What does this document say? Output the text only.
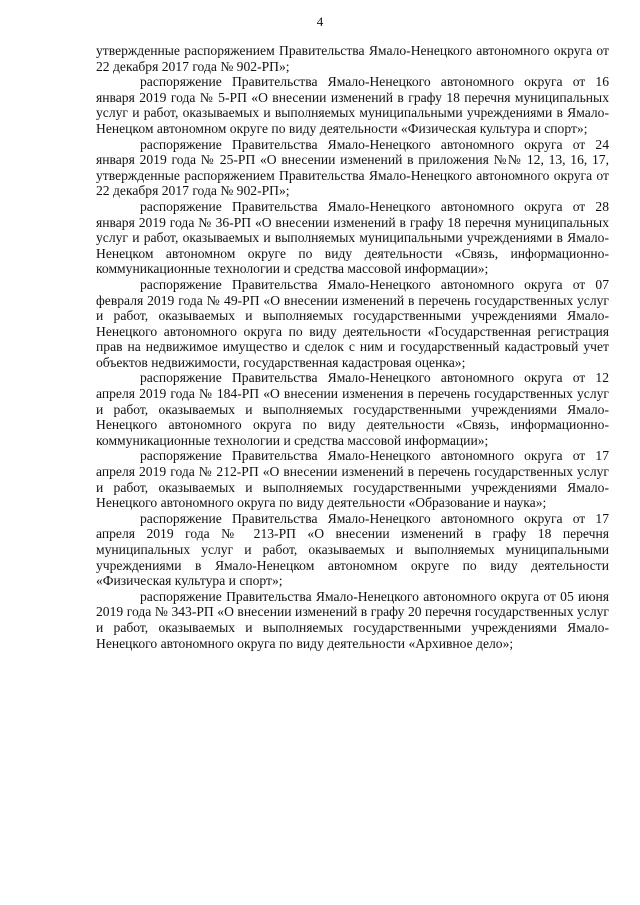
4

утвержденные распоряжением Правительства Ямало-Ненецкого автономного округа от 22 декабря 2017 года № 902-РП»;

распоряжение Правительства Ямало-Ненецкого автономного округа от 16 января 2019 года № 5-РП «О внесении изменений в графу 18 перечня муниципальных услуг и работ, оказываемых и выполняемых муниципальными учреждениями в Ямало-Ненецком автономном округе по виду деятельности «Физическая культура и спорт»;

распоряжение Правительства Ямало-Ненецкого автономного округа от 24 января 2019 года № 25-РП «О внесении изменений в приложения №№ 12, 13, 16, 17, утвержденные распоряжением Правительства Ямало-Ненецкого автономного округа от 22 декабря 2017 года № 902-РП»;

распоряжение Правительства Ямало-Ненецкого автономного округа от 28 января 2019 года № 36-РП «О внесении изменений в графу 18 перечня муниципальных услуг и работ, оказываемых и выполняемых муниципальными учреждениями в Ямало-Ненецком автономном округе по виду деятельности «Связь, информационно-коммуникационные технологии и средства массовой информации»;

распоряжение Правительства Ямало-Ненецкого автономного округа от 07 февраля 2019 года № 49-РП «О внесении изменений в перечень государственных услуг и работ, оказываемых и выполняемых государственными учреждениями Ямало-Ненецкого автономного округа по виду деятельности «Государственная регистрация прав на недвижимое имущество и сделок с ним и государственный кадастровый учет объектов недвижимости, государственная кадастровая оценка»;

распоряжение Правительства Ямало-Ненецкого автономного округа от 12 апреля 2019 года № 184-РП «О внесении изменения в перечень государственных услуг и работ, оказываемых и выполняемых государственными учреждениями Ямало-Ненецкого автономного округа по виду деятельности «Связь, информационно-коммуникационные технологии и средства массовой информации»;

распоряжение Правительства Ямало-Ненецкого автономного округа от 17 апреля 2019 года № 212-РП «О внесении изменений в перечень государственных услуг и работ, оказываемых и выполняемых государственными учреждениями Ямало-Ненецкого автономного округа по виду деятельности «Образование и наука»;

распоряжение Правительства Ямало-Ненецкого автономного округа от 17 апреля 2019 года № 213-РП «О внесении изменений в графу 18 перечня муниципальных услуг и работ, оказываемых и выполняемых муниципальными учреждениями в Ямало-Ненецком автономном округе по виду деятельности «Физическая культура и спорт»;

распоряжение Правительства Ямало-Ненецкого автономного округа от 05 июня 2019 года № 343-РП «О внесении изменений в графу 20 перечня государственных услуг и работ, оказываемых и выполняемых государственными учреждениями Ямало-Ненецкого автономного округа по виду деятельности «Архивное дело»;
